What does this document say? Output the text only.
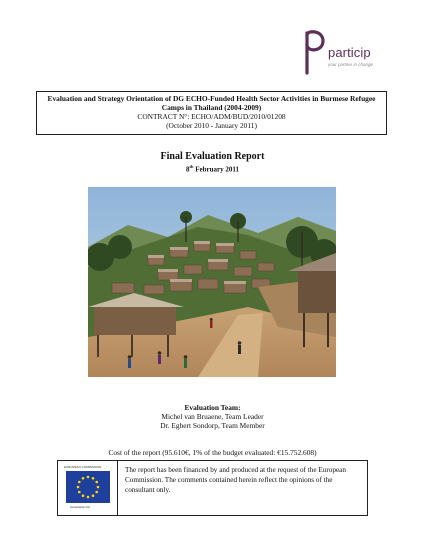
particip
your partner in change
Evaluation and Strategy Orientation of DG ECHO-Funded Health Sector Activities in Burmese Refugee Camps in Thailand (2004-2009)
CONTRACT N°: ECHO/ADM/BUD/2010/01208
(October 2010 - January 2011)
Final Evaluation Report
8th February 2011
Evaluation Team:
Michel van Bruaene, Team Leader
Dr. Egbert Sondorp, Team Member
Cost of the report (95.610€, 1% of the budget evaluated: €15.752.608)
EUROPEAN COMMISSION
Humanitarian Aid
The report has been financed by and produced at the request of the European Commission. The comments contained herein reflect the opinions of the consultant only.
